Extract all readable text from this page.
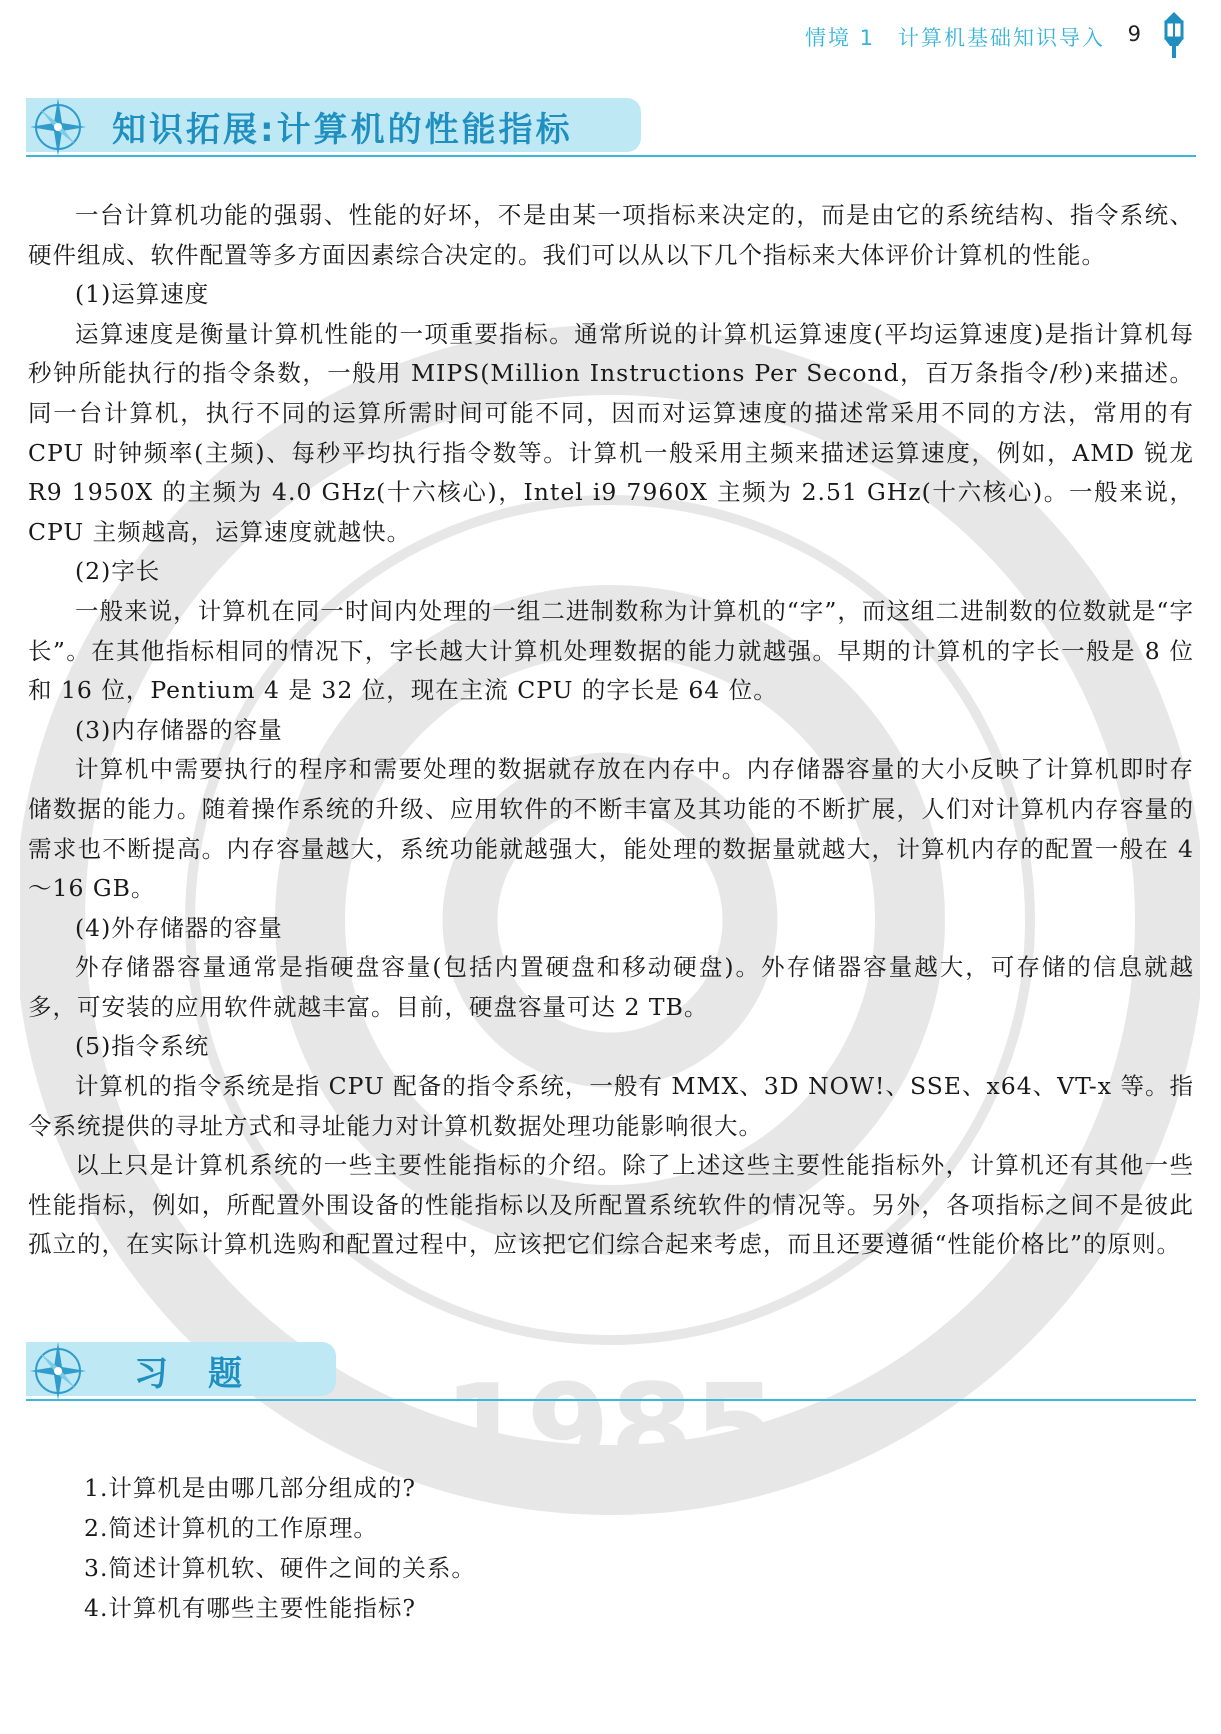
1985
情境 1　计算机基础知识导入 9
知识拓展:计算机的性能指标

一台计算机功能的强弱、性能的好坏，不是由某一项指标来决定的，而是由它的系统结构、指令系统、硬件组成、软件配置等多方面因素综合决定的。我们可以从以下几个指标来大体评价计算机的性能。

(1)运算速度

运算速度是衡量计算机性能的一项重要指标。通常所说的计算机运算速度(平均运算速度)是指计算机每秒钟所能执行的指令条数，一般用 MIPS(Million Instructions Per Second，百万条指令/秒)来描述。同一台计算机，执行不同的运算所需时间可能不同，因而对运算速度的描述常采用不同的方法，常用的有 CPU 时钟频率(主频)、每秒平均执行指令数等。计算机一般采用主频来描述运算速度，例如，AMD 锐龙 R9 1950X 的主频为 4.0 GHz(十六核心)，Intel i9 7960X 主频为 2.51 GHz(十六核心)。一般来说，CPU 主频越高，运算速度就越快。

(2)字长

一般来说，计算机在同一时间内处理的一组二进制数称为计算机的“字”，而这组二进制数的位数就是“字长”。在其他指标相同的情况下，字长越大计算机处理数据的能力就越强。早期的计算机的字长一般是 8 位和 16 位，Pentium 4 是 32 位，现在主流 CPU 的字长是 64 位。

(3)内存储器的容量

计算机中需要执行的程序和需要处理的数据就存放在内存中。内存储器容量的大小反映了计算机即时存储数据的能力。随着操作系统的升级、应用软件的不断丰富及其功能的不断扩展，人们对计算机内存容量的需求也不断提高。内存容量越大，系统功能就越强大，能处理的数据量就越大，计算机内存的配置一般在 4～16 GB。

(4)外存储器的容量

外存储器容量通常是指硬盘容量(包括内置硬盘和移动硬盘)。外存储器容量越大，可存储的信息就越多，可安装的应用软件就越丰富。目前，硬盘容量可达 2 TB。

(5)指令系统

计算机的指令系统是指 CPU 配备的指令系统，一般有 MMX、3D NOW!、SSE、x64、VT-x 等。指令系统提供的寻址方式和寻址能力对计算机数据处理功能影响很大。

以上只是计算机系统的一些主要性能指标的介绍。除了上述这些主要性能指标外，计算机还有其他一些性能指标，例如，所配置外围设备的性能指标以及所配置系统软件的情况等。另外，各项指标之间不是彼此孤立的，在实际计算机选购和配置过程中，应该把它们综合起来考虑，而且还要遵循“性能价格比”的原则。

习　题
1.计算机是由哪几部分组成的?
2.简述计算机的工作原理。
3.简述计算机软、硬件之间的关系。
4.计算机有哪些主要性能指标?
